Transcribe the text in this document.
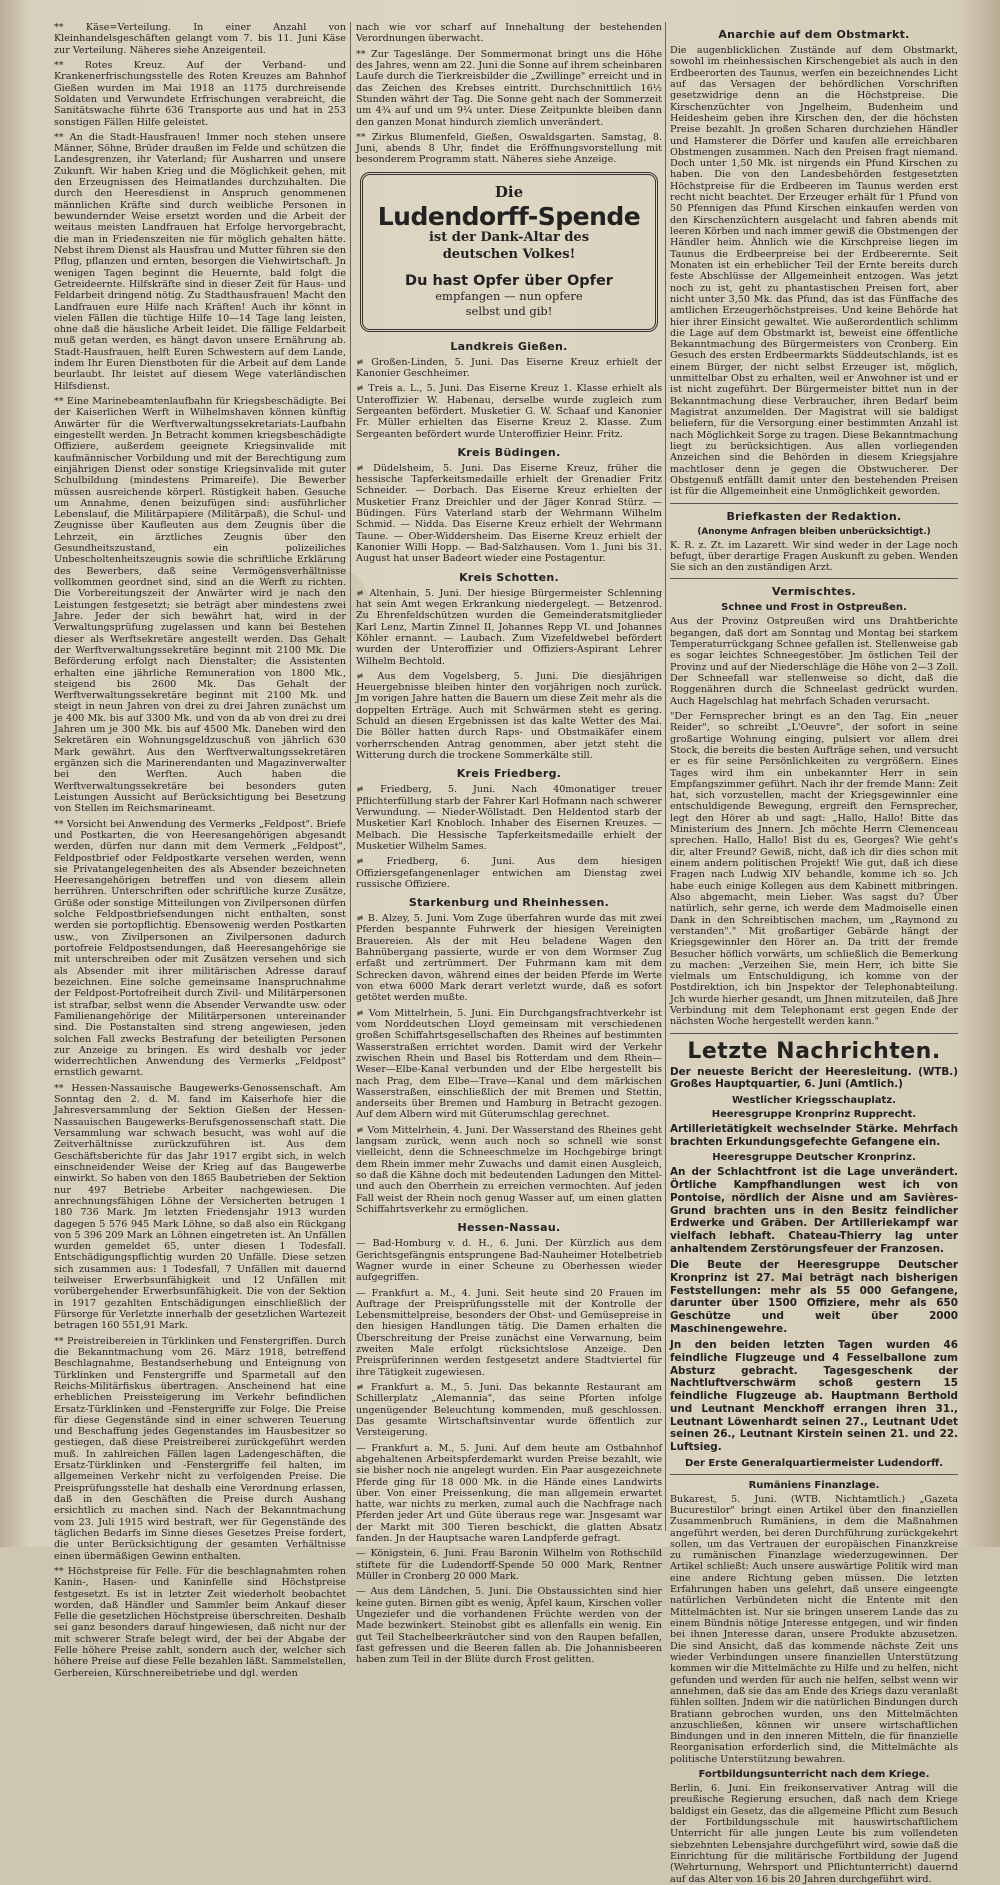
** Käse=Verteilung. In einer Anzahl von Kleinhandelsgeschäften gelangt vom 7. bis 11. Juni Käse zur Verteilung. Näheres siehe Anzeigenteil.

** Rotes Kreuz. Auf der Verband- und Krankenerfrischungsstelle des Roten Kreuzes am Bahnhof Gießen wurden im Mai 1918 an 1175 durchreisende Soldaten und Verwundete Erfrischungen verabreicht, die Sanitätswache führte 636 Transporte aus und hat in 253 sonstigen Fällen Hilfe geleistet.

** An die Stadt-Hausfrauen! Immer noch stehen unsere Männer, Söhne, Brüder draußen im Felde und schützen die Landesgrenzen, ihr Vaterland; für Ausharren und unsere Zukunft. Wir haben Krieg und die Möglichkeit gehen, mit den Erzeugnissen des Heimatlandes durchzuhalten. Die durch den Heeresdienst in Anspruch genommenen männlichen Kräfte sind durch weibliche Personen in bewundernder Weise ersetzt worden und die Arbeit der weitaus meisten Landfrauen hat Erfolge hervorgebracht, die man in Friedenszeiten nie für möglich gehalten hätte. Nebst ihrem Dienst als Hausfrau und Mutter führen sie den Pflug, pflanzen und ernten, besorgen die Viehwirtschaft. Jn wenigen Tagen beginnt die Heuernte, bald folgt die Getreideernte. Hilfskräfte sind in dieser Zeit für Haus- und Feldarbeit dringend nötig. Zu Stadthausfrauen! Macht den Landfrauen eure Hilfe nach Kräften! Auch ihr könnt in vielen Fällen die tüchtige Hilfe 10—14 Tage lang leisten, ohne daß die häusliche Arbeit leidet. Die fällige Feldarbeit muß getan werden, es hängt davon unsere Ernährung ab. Stadt-Hausfrauen, helft Euren Schwestern auf dem Lande, indem Ihr Euren Dienstboten für die Arbeit auf dem Lande beurlaubt. Ihr leistet auf diesem Wege vaterländischen Hilfsdienst.

** Eine Marinebeamtenlaufbahn für Kriegsbeschädigte. Bei der Kaiserlichen Werft in Wilhelmshaven können künftig Anwärter für die Werftverwaltungssekretariats-Laufbahn eingestellt werden. Jn Betracht kommen kriegsbeschädigte Offiziere, außerdem geeignete Kriegsinvalide mit kaufmännischer Vorbildung und mit der Berechtigung zum einjährigen Dienst oder sonstige Kriegsinvalide mit guter Schulbildung (mindestens Primareife). Die Bewerber müssen ausreichende körperl. Rüstigkeit haben. Gesuche um Annahme, denen beizufügen sind: ausführlicher Lebenslauf, die Militärpapiere (Militärpaß), die Schul- und Zeugnisse über Kaufleuten aus dem Zeugnis über die Lehrzeit, ein ärztliches Zeugnis über den Gesundheitszustand, ein polizeiliches Unbescholtenheitszeugnis sowie die schriftliche Erklärung des Bewerbers, daß seine Vermögensverhältnisse vollkommen geordnet sind, sind an die Werft zu richten. Die Vorbereitungszeit der Anwärter wird je nach den Leistungen festgesetzt; sie beträgt aber mindestens zwei Jahre. Jeder der sich bewährt hat, wird in der Verwaltungsprüfung zugelassen und kann bei Bestehen dieser als Werftsekretäre angestellt werden. Das Gehalt der Werftverwaltungssekretäre beginnt mit 2100 Mk. Die Beförderung erfolgt nach Dienstalter; die Assistenten erhalten eine jährliche Remuneration von 1800 Mk., steigend bis 2600 Mk. Das Gehalt der Werftverwaltungssekretäre beginnt mit 2100 Mk. und steigt in neun Jahren von drei zu drei Jahren zunächst um je 400 Mk. bis auf 3300 Mk. und von da ab von drei zu drei Jahren um je 300 Mk. bis auf 4500 Mk. Daneben wird den Sekretären ein Wohnungsgeldzuschuß von jährlich 630 Mark gewährt. Aus den Werftverwaltungssekretären ergänzen sich die Marinerendanten und Magazinverwalter bei den Werften. Auch haben die Werftverwaltungssekretäre bei besonders guten Leistungen Aussicht auf Berücksichtigung bei Besetzung von Stellen im Reichsmarineamt.

** Vorsicht bei Anwendung des Vermerks „Feldpost". Briefe und Postkarten, die von Heeresangehörigen abgesandt werden, dürfen nur dann mit dem Vermerk „Feldpost", Feldpostbrief oder Feldpostkarte versehen werden, wenn sie Privatangelegenheiten des als Absender bezeichneten Heeresangehörigen betreffen und von diesem allein herrühren. Unterschriften oder schriftliche kurze Zusätze, Grüße oder sonstige Mitteilungen von Zivilpersonen dürfen solche Feldpostbriefsendungen nicht enthalten, sonst werden sie portopflichtig. Ebensowenig werden Postkarten usw., von Zivilpersonen an Zivilpersonen dadurch portofreie Feldpostsendungen, daß Heeresangehörige sie mit unterschreiben oder mit Zusätzen versehen und sich als Absender mit ihrer militärischen Adresse darauf bezeichnen. Eine solche gemeinsame Inanspruchnahme der Feldpost-Portofreiheit durch Zivil- und Militärpersonen ist strafbar, selbst wenn die Absender Verwandte usw. oder Familienangehörige der Militärpersonen untereinander sind. Die Postanstalten sind streng angewiesen, jeden solchen Fall zwecks Bestrafung der beteiligten Personen zur Anzeige zu bringen. Es wird deshalb vor jeder widerrechtlichen Anwendung des Vermerks „Feldpost" ernstlich gewarnt.

** Hessen-Nassauische Baugewerks-Genossenschaft. Am Sonntag den 2. d. M. fand im Kaiserhofe hier die Jahresversammlung der Sektion Gießen der Hessen-Nassauischen Baugewerks-Berufsgenossenschaft statt. Die Versammlung war schwach besucht, was wohl auf die Zeitverhältnisse zurückzuführen ist. Aus dem Geschäftsberichte für das Jahr 1917 ergibt sich, in welch einschneidender Weise der Krieg auf das Baugewerbe einwirkt. So haben von den 1865 Baubetrieben der Sektion nur 497 Betriebe Arbeiter nachgewiesen. Die anrechnungsfähigen Löhne der Versicherten betrugen 1 180 736 Mark. Jm letzten Friedensjahr 1913 wurden dagegen 5 576 945 Mark Löhne, so daß also ein Rückgang von 5 396 209 Mark an Löhnen eingetreten ist. An Unfällen wurden gemeldet 65, unter diesen 1 Todesfall. Entschädigungspflichtig wurden 20 Unfälle. Diese setzen sich zusammen aus: 1 Todesfall, 7 Unfällen mit dauernd teilweiser Erwerbsunfähigkeit und 12 Unfällen mit vorübergehender Erwerbsunfähigkeit. Die von der Sektion in 1917 gezahlten Entschädigungen einschließlich der Fürsorge für Verletzte innerhalb der gesetzlichen Wartezeit betragen 160 551,91 Mark.

** Preistreibereien in Türklinken und Fenstergriffen. Durch die Bekanntmachung vom 26. März 1918, betreffend Beschlagnahme, Bestandserhebung und Enteignung von Türklinken und Fenstergriffe und Sparmetall auf den Reichs-Militärfiskus übertragen. Anscheinend hat eine erheblichen Preissteigerung im Verkehr befindlichen Ersatz-Türklinken und -Fenstergriffe zur Folge. Die Preise für diese Gegenstände sind in einer schweren Teuerung und Beschaffung jedes Gegenstandes im Hausbesitzer so gestiegen, daß diese Preistreiberei zurückgeführt werden muß. In zahlreichen Fällen lagen Ladengeschäften, die Ersatz-Türklinken und -Fenstergriffe feil halten, im allgemeinen Verkehr nicht zu verfolgenden Preise. Die Preisprüfungsstelle hat deshalb eine Verordnung erlassen, daß in den Geschäften die Preise durch Aushang ersichtlich zu machen sind. Nach der Bekanntmachung vom 23. Juli 1915 wird bestraft, wer für Gegenstände des täglichen Bedarfs im Sinne dieses Gesetzes Preise fordert, die unter Berücksichtigung der gesamten Verhältnisse einen übermäßigen Gewinn enthalten.

** Höchstpreise für Felle. Für die beschlagnahmten rohen Kanin-, Hasen- und Kaninfelle sind Höchstpreise festgesetzt. Es ist in letzter Zeit wiederholt beobachtet worden, daß Händler und Sammler beim Ankauf dieser Felle die gesetzlichen Höchstpreise überschreiten. Deshalb sei ganz besonders darauf hingewiesen, daß nicht nur der mit schwerer Strafe belegt wird, der bei der Abgabe der Felle höhere Preise zahlt, sondern auch der, welcher sich höhere Preise auf diese Felle bezahlen läßt. Sammelstellen, Gerbereien, Kürschnereibetriebe und dgl. werden

nach wie vor scharf auf Innehaltung der bestehenden Verordnungen überwacht.

** Zur Tageslänge. Der Sommermonat bringt uns die Höhe des Jahres, wenn am 22. Juni die Sonne auf ihrem scheinbaren Laufe durch die Tierkreisbilder die „Zwillinge" erreicht und in das Zeichen des Krebses eintritt. Durchschnittlich 16½ Stunden währt der Tag. Die Sonne geht nach der Sommerzeit um 4¾ auf und um 9¼ unter. Diese Zeitpunkte bleiben dann den ganzen Monat hindurch ziemlich unverändert.

** Zirkus Blumenfeld, Gießen, Oswaldsgarten. Samstag, 8. Juni, abends 8 Uhr, findet die Eröffnungsvorstellung mit besonderem Programm statt. Näheres siehe Anzeige.

Die
Ludendorff-Spende
ist der Dank-Altar des
deutschen Volkes!
Du hast Opfer über Opfer
empfangen — nun opfere
selbst und gib!
Landkreis Gießen.

≠ Großen-Linden, 5. Juni. Das Eiserne Kreuz erhielt der Kanonier Geschheimer.

≠ Treis a. L., 5. Juni. Das Eiserne Kreuz 1. Klasse erhielt als Unteroffizier W. Habenau, derselbe wurde zugleich zum Sergeanten befördert. Musketier G. W. Schaaf und Kanonier Fr. Müller erhielten das Eiserne Kreuz 2. Klasse. Zum Sergeanten befördert wurde Unteroffizier Heinr. Fritz.

Kreis Büdingen.

≠ Düdelsheim, 5. Juni. Das Eiserne Kreuz, früher die hessische Tapferkeitsmedaille erhielt der Grenadier Fritz Schneider. — Dorbach. Das Eiserne Kreuz erhielten der Musketier Franz Dreichler und der Jäger Konrad Stürz. — Büdingen. Fürs Vaterland starb der Wehrmann Wilhelm Schmid. — Nidda. Das Eiserne Kreuz erhielt der Wehrmann Taune. — Ober-Widdersheim. Das Eiserne Kreuz erhielt der Kanonier Willi Hopp. — Bad-Salzhausen. Vom 1. Juni bis 31. August hat unser Badeort wieder eine Postagentur.

Kreis Schotten.

≠ Altenhain, 5. Juni. Der hiesige Bürgermeister Schlenning hat sein Amt wegen Erkrankung niedergelegt. — Betzenrod. Zu Ehrenfeldschützen wurden die Gemeinderatsmitglieder Karl Lenz, Martin Zinnel II, Johannes Repp VI. und Johannes Köhler ernannt. — Laubach. Zum Vizefeldwebel befördert wurden der Unteroffizier und Offiziers-Aspirant Lehrer Wilhelm Bechtold.

≠ Aus dem Vogelsberg, 5. Juni. Die diesjährigen Heuergebnisse bleiben hinter den vorjährigen noch zurück. Jm vorigen Jahre hatten die Bauern um diese Zeit mehr als die doppelten Erträge. Auch mit Schwärmen steht es gering. Schuld an diesen Ergebnissen ist das kalte Wetter des Mai. Die Böller hatten durch Raps- und Obstmaikäfer einem vorherrschenden Antrag genommen, aber jetzt steht die Witterung durch die trockene Sommerkälte still.

Kreis Friedberg.

≠ Friedberg, 5. Juni. Nach 40monatiger treuer Pflichterfüllung starb der Fahrer Karl Hofmann nach schwerer Verwundung. — Nieder-Wöllstadt. Den Heldentod starb der Musketier Karl Knobloch. Inhaber des Eisernen Kreuzes. — Melbach. Die Hessische Tapferkeitsmedaille erhielt der Musketier Wilhelm Sames.

≠ Friedberg, 6. Juni. Aus dem hiesigen Offiziersgefangenenlager entwichen am Dienstag zwei russische Offiziere.

Starkenburg und Rheinhessen.

≠ B. Alzey, 5. Juni. Vom Zuge überfahren wurde das mit zwei Pferden bespannte Fuhrwerk der hiesigen Vereinigten Brauereien. Als der mit Heu beladene Wagen den Bahnübergang passierte, wurde er von dem Wormser Zug erfaßt und zertrümmert. Der Fuhrmann kam mit dem Schrecken davon, während eines der beiden Pferde im Werte von etwa 6000 Mark derart verletzt wurde, daß es sofort getötet werden mußte.

≠ Vom Mittelrhein, 5. Juni. Ein Durchgangsfrachtverkehr ist vom Norddeutschen Lloyd gemeinsam mit verschiedenen großen Schiffahrtsgesellschaften des Rheines auf bestimmten Wasserstraßen errichtet worden. Damit wird der Verkehr zwischen Rhein und Basel bis Rotterdam und dem Rhein—Weser—Elbe-Kanal verbunden und der Elbe hergestellt bis nach Prag, dem Elbe—Trave—Kanal und dem märkischen Wasserstraßen, einschließlich der mit Bremen und Stettin, anderseits über Bremen und Hamburg in Betracht gezogen. Auf dem Albern wird mit Güterumschlag gerechnet.

≠ Vom Mittelrhein, 4. Juni. Der Wasserstand des Rheines geht langsam zurück, wenn auch noch so schnell wie sonst vielleicht, denn die Schneeschmelze im Hochgebirge bringt dem Rhein immer mehr Zuwachs und damit einen Ausgleich, so daß die Kähne doch mit bedeutenden Ladungen den Mittel- und auch den Oberrhein zu erreichen vermochten. Auf jeden Fall weist der Rhein noch genug Wasser auf, um einen glatten Schiffahrtsverkehr zu ermöglichen.

Hessen-Nassau.

— Bad-Homburg v. d. H., 6. Juni. Der Kürzlich aus dem Gerichtsgefängnis entsprungene Bad-Nauheimer Hotelbetrieb Wagner wurde in einer Scheune zu Oberhessen wieder aufgegriffen.

— Frankfurt a. M., 4. Juni. Seit heute sind 20 Frauen im Auftrage der Preisprüfungsstelle mit der Kontrolle der Lebensmittelpreise, besonders der Obst- und Gemüsepreise in den hiesigen Handlungen tätig. Die Damen erhalten die Überschreitung der Preise zunächst eine Verwarnung, beim zweiten Male erfolgt rücksichtslose Anzeige. Den Preisprüferinnen werden festgesetzt andere Stadtviertel für ihre Tätigkeit zugewiesen.

≠ Frankfurt a. M., 5. Juni. Das bekannte Restaurant am Schillerplatz „Alemannia", das seine Pforten infolge ungenügender Beleuchtung kommenden, muß geschlossen. Das gesamte Wirtschaftsinventar wurde öffentlich zur Versteigerung.

— Frankfurt a. M., 5. Juni. Auf dem heute am Ostbahnhof abgehaltenen Arbeitspferdemarkt wurden Preise bezahlt, wie sie bisher noch nie angelegt wurden. Ein Paar ausgezeichnete Pferde ging für 18 000 Mk. in die Hände eines Landwirts über. Von einer Preissenkung, die man allgemein erwartet hatte, war nichts zu merken, zumal auch die Nachfrage nach Pferden jeder Art und Güte überaus rege war. Jnsgesamt war der Markt mit 300 Tieren beschickt, die glatten Absatz fanden. Jn der Hauptsache waren Landpferde gefragt.

— Königstein, 6. Juni. Frau Baronin Wilhelm von Rothschild stiftete für die Ludendorff-Spende 50 000 Mark, Rentner Müller in Cronberg 20 000 Mark.

— Aus dem Ländchen, 5. Juni. Die Obstaussichten sind hier keine guten. Birnen gibt es wenig, Äpfel kaum, Kirschen voller Ungeziefer und die vorhandenen Früchte werden von der Made bezwinkert. Steinobst gibt es allenfalls ein wenig. Ein gut Teil Stachelbeerkräutcher sind von den Raupen befallen, fast gefressen und die Beeren fallen ab. Die Johannisbeeren haben zum Teil in der Blüte durch Frost gelitten.

Anarchie auf dem Obstmarkt.

Die augenblicklichen Zustände auf dem Obstmarkt, sowohl im rheinhessischen Kirschengebiet als auch in den Erdbeerorten des Taunus, werfen ein bezeichnendes Licht auf das Versagen der behördlichen Vorschriften gesetzwidrige denn an die Höchstpreise. Die Kirschenzüchter von Jngelheim, Budenheim und Heidesheim geben ihre Kirschen den, der die höchsten Preise bezahlt. Jn großen Scharen durchziehen Händler und Hamsterer die Dörfer und kaufen alle erreichbaren Obstmengen zusammen. Nach den Preisen fragt niemand. Doch unter 1,50 Mk. ist nirgends ein Pfund Kirschen zu haben. Die von den Landesbehörden festgesetzten Höchstpreise für die Erdbeeren im Taunus werden erst recht nicht beachtet. Der Erzeuger erhält für 1 Pfund von 50 Pfennigen das Pfund Kirschen einkaufen werden von den Kirschenzüchtern ausgelacht und fahren abends mit leeren Körben und nach immer gewiß die Obstmengen der Händler heim. Ähnlich wie die Kirschpreise liegen im Taunus die Erdbeerpreise bei der Erdbeerernte. Seit Monaten ist ein erheblicher Teil der Ernte bereits durch feste Abschlüsse der Allgemeinheit entzogen. Was jetzt noch zu ist, geht zu phantastischen Preisen fort, aber nicht unter 3,50 Mk. das Pfund, das ist das Fünffache des amtlichen Erzeugerhöchstpreises. Und keine Behörde hat hier ihrer Einsicht gewaltet. Wie außerordentlich schlimm die Lage auf dem Obstmarkt ist, beweist eine öffentliche Bekanntmachung des Bürgermeisters von Cronberg. Ein Gesuch des ersten Erdbeermarkts Süddeutschlands, ist es einem Bürger, der nicht selbst Erzeuger ist, möglich, unmittelbar Obst zu erhalten, weil er Anwohner ist und er ist nicht zugeführt. Der Bürgermeister bittet nun in der Bekanntmachung diese Verbraucher, ihren Bedarf beim Magistrat anzumelden. Der Magistrat will sie baldigst beliefern, für die Versorgung einer bestimmten Anzahl ist nach Möglichkeit Sorge zu tragen. Diese Bekanntmachung liegt zu berücksichtigen. Aus allen vorliegenden Anzeichen sind die Behörden in diesem Kriegsjahre machtloser denn je gegen die Obstwucherer. Der Obstgenuß entfällt damit unter den bestehenden Preisen ist für die Allgemeinheit eine Unmöglichkeit geworden.

Briefkasten der Redaktion.
(Anonyme Anfragen bleiben unberücksichtigt.)

K. R. z. Zt. im Lazarett. Wir sind weder in der Lage noch befugt, über derartige Fragen Auskunft zu geben. Wenden Sie sich an den zuständigen Arzt.

Vermischtes.
Schnee und Frost in Ostpreußen.

Aus der Provinz Ostpreußen wird uns Drahtberichte begangen, daß dort am Sonntag und Montag bei starkem Temperaturrückgang Schnee gefallen ist. Stellenweise gab es sogar leichtes Schneegestöber. Jm östlichen Teil der Provinz und auf der Niederschläge die Höhe von 2—3 Zoll. Der Schneefall war stellenweise so dicht, daß die Roggenähren durch die Schneelast gedrückt wurden. Auch Hagelschlag hat mehrfach Schaden verursacht.

"Der Fernsprecher bringt es an den Tag. Ein „neuer Reider", so schreibt „L'Oeuvre", der sofort in seine großartige Wohnung einging, pulsiert vor allem drei Stock, die bereits die besten Aufträge sehen, und versucht er es für seine Persönlichkeiten zu vergrößern. Eines Tages wird ihm ein unbekannter Herr in sein Empfangszimmer geführt. Nach ihr der fremde Mann: Zeit hat, sich vorzustellen, macht der Kriegsgewinnler eine entschuldigende Bewegung, ergreift den Fernsprecher, legt den Hörer ab und sagt: „Hallo, Hallo! Bitte das Ministerium des Jnnern. Jch möchte Herrn Clemenceau sprechen. Hallo, Hallo! Bist du es, Georges? Wie geht's dir, alter Freund? Gewiß, nicht, daß ich dir dies schon mit einem andern politischen Projekt! Wie gut, daß ich diese Fragen nach Ludwig XIV behandle, komme ich so. Jch habe euch einige Kollegen aus dem Kabinett mitbringen. Also abgemacht, mein Lieber. Was sagst du? Über natürlich, sehr gerne, ich werde dem Madmoiselle einen Dank in den Schreibtischen machen, um „Raymond zu verstanden"." Mit großartiger Gebärde hängt der Kriegsgewinnler den Hörer an. Da tritt der fremde Besucher höflich vorwärts, um schließlich die Bemerkung zu machen: „Verzeihen Sie, mein Herr, ich bitte Sie vielmals um Entschuldigung, ich komme von der Postdirektion, ich bin Jnspektor der Telephonabteilung. Jch wurde hierher gesandt, um Jhnen mitzuteilen, daß Jhre Verbindung mit dem Telephonamt erst gegen Ende der nächsten Woche hergestellt werden kann."

Letzte Nachrichten.

Der neueste Bericht der Heeresleitung. (WTB.) Großes Hauptquartier, 6. Juni (Amtlich.)

Westlicher Kriegsschauplatz.
Heeresgruppe Kronprinz Rupprecht.

Artillerietätigkeit wechselnder Stärke. Mehrfach brachten Erkundungsgefechte Gefangene ein.

Heeresgruppe Deutscher Kronprinz.

An der Schlachtfront ist die Lage unverändert. Örtliche Kampfhandlungen west ich von Pontoise, nördlich der Aisne und am Savières-Grund brachten uns in den Besitz feindlicher Erdwerke und Gräben. Der Artilleriekampf war vielfach lebhaft. Chateau-Thierry lag unter anhaltendem Zerstörungsfeuer der Franzosen.

Die Beute der Heeresgruppe Deutscher Kronprinz ist 27. Mai beträgt nach bisherigen Feststellungen: mehr als 55 000 Gefangene, darunter über 1500 Offiziere, mehr als 650 Geschütze und weit über 2000 Maschinengewehre.

Jn den beiden letzten Tagen wurden 46 feindliche Flugzeuge und 4 Fesselballone zum Absturz gebracht. Tagesgeschenk der Nachtluftverschwärm schoß gestern 15 feindliche Flugzeuge ab. Hauptmann Berthold und Leutnant Menckhoff errangen ihren 31., Leutnant Löwenhardt seinen 27., Leutnant Udet seinen 26., Leutnant Kirstein seinen 21. und 22. Luftsieg.

Der Erste Generalquartiermeister Ludendorff.
Rumäniens Finanzlage.

Bukarest, 5. Juni. (WTB. Nichtamtlich.) „Gazeta Bucurestilor" bringt einen Artikel über den finanziellen Zusammenbruch Rumäniens, in dem die Maßnahmen angeführt werden, bei deren Durchführung zurückgekehrt sollen, um das Vertrauen der europäischen Finanzkreise zu rumänischen Finanzlage wiederzugewinnen. Der Artikel schließt: Auch unsere auswärtige Politik wird man eine andere Richtung geben müssen. Die letzten Erfahrungen haben uns gelehrt, daß unsere eingeengte natürlichen Verbündeten nicht die Entente mit den Mittelmächten ist. Nur sie bringen unserem Lande das zu einem Bündnis nötige Jnteresse entgegen, und wir finden bei ihnen Jnteresse daran, unsere Produkte abzusetzen. Die sind Ansicht, daß das kommende nächste Zeit uns wieder Verbindungen unsere finanziellen Unterstützung kommen wir die Mittelmächte zu Hilfe und zu helfen, nicht gefunden und werden für auch nie helfen, selbst wenn wir annehmen, daß sie das am Ende des Kriegs dazu veranlaßt fühlen sollten. Jndem wir die natürlichen Bindungen durch Bratiann gebrochen wurden, uns den Mittelmächten anzuschließen, können wir unsere wirtschaftlichen Bindungen und in den inneren Mitteln, die für finanzielle Reorganisation erforderlich sind, die Mittelmächte als politische Unterstützung bewahren.

Fortbildungsunterricht nach dem Kriege.

Berlin, 6. Juni. Ein freikonservativer Antrag will die preußische Regierung ersuchen, daß nach dem Kriege baldigst ein Gesetz, das die allgemeine Pflicht zum Besuch der Fortbildungsschule mit hauswirtschaftlichem Unterricht für alle jungen Leute bis zum vollendeten siebzehnten Lebensjahre durchgeführt wird, sowie daß die Einrichtung für die militärische Fortbildung der Jugend (Wehrturnung, Wehrsport und Pflichtunterricht) dauernd auf das Alter von 16 bis 20 Jahren durchgeführt wird.
